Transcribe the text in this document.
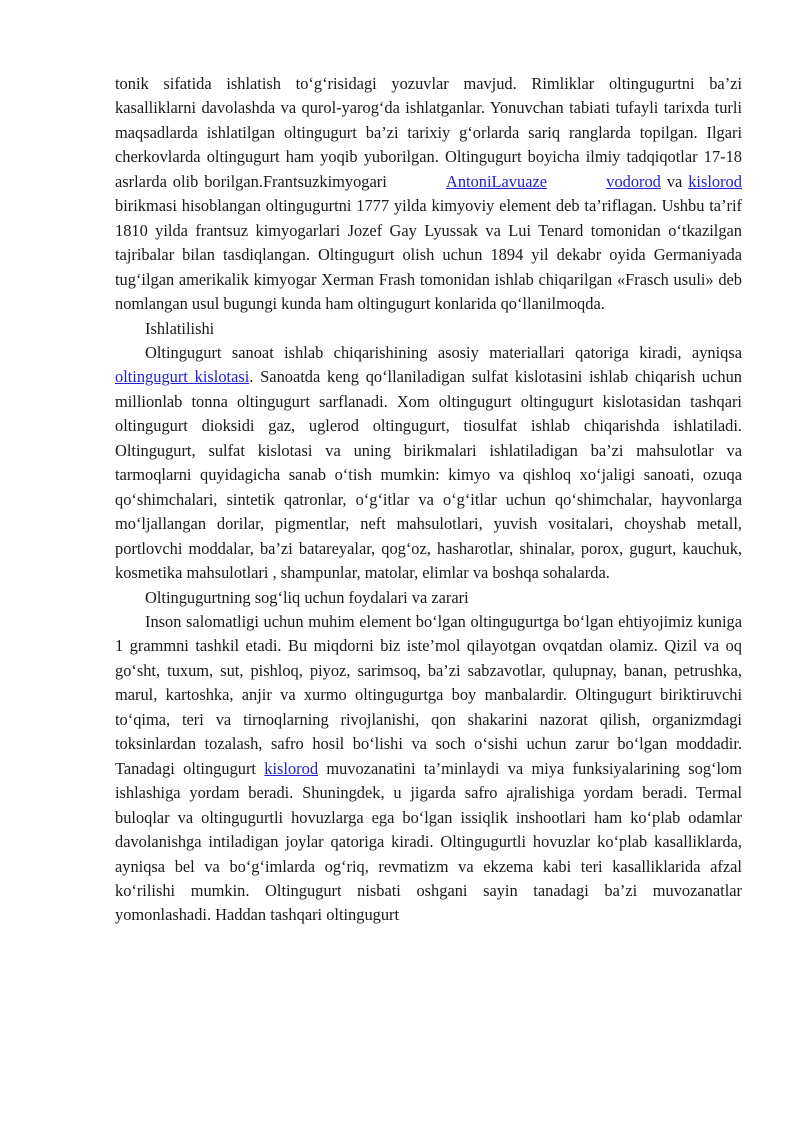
tonik sifatida ishlatish to‘g‘risidagi yozuvlar mavjud. Rimliklar oltingugurtni ba’zi kasalliklarni davolashda va qurol-yarog‘da ishlatganlar. Yonuvchan tabiati tufayli tarixda turli maqsadlarda ishlatilgan oltingugurt ba’zi tarixiy g‘orlarda sariq ranglarda topilgan. Ilgari cherkovlarda oltingugurt ham yoqib yuborilgan. Oltingugurt boyicha ilmiy tadqiqotlar 17-18 asrlarda olib borilgan.Frantsuzkimyogari	AntoniLavuaze	vodorod va kislorod birikmasi hisoblangan oltingugurtni 1777 yilda kimyoviy element deb ta’riflagan. Ushbu ta’rif 1810 yilda frantsuz kimyogarlari Jozef Gay Lyussak va Lui Tenard tomonidan o‘tkazilgan tajribalar bilan tasdiqlangan. Oltingugurt olish uchun 1894 yil dekabr oyida Germaniyada tug‘ilgan amerikalik kimyogar Xerman Frash tomonidan ishlab chiqarilgan «Frasch usuli» deb nomlangan usul bugungi kunda ham oltingugurt konlarida qo‘llanilmoqda.

Ishlatilishi

Oltingugurt sanoat ishlab chiqarishining asosiy materiallari qatoriga kiradi, ayniqsa oltingugurt kislotasi. Sanoatda keng qo‘llaniladigan sulfat kislotasini ishlab chiqarish uchun millionlab tonna oltingugurt sarflanadi. Xom oltingugurt oltingugurt kislotasidan tashqari oltingugurt dioksidi gaz, uglerod oltingugurt, tiosulfat ishlab chiqarishda ishlatiladi. Oltingugurt, sulfat kislotasi va uning birikmalari ishlatiladigan ba’zi mahsulotlar va tarmoqlarni quyidagicha sanab o‘tish mumkin: kimyo va qishloq xo‘jaligi sanoati, ozuqa qo‘shimchalari, sintetik qatronlar, o‘g‘itlar va o‘g‘itlar uchun qo‘shimchalar, hayvonlarga mo‘ljallangan dorilar, pigmentlar, neft mahsulotlari, yuvish vositalari, choyshab metall, portlovchi moddalar, ba’zi batareyalar, qog‘oz, hasharotlar, shinalar, porox, gugurt, kauchuk, kosmetika mahsulotlari , shampunlar, matolar, elimlar va boshqa sohalarda.

Oltingugurtning sog‘liq uchun foydalari va zarari

Inson salomatligi uchun muhim element bo‘lgan oltingugurtga bo‘lgan ehtiyojimiz kuniga 1 grammni tashkil etadi. Bu miqdorni biz iste’mol qilayotgan ovqatdan olamiz. Qizil va oq go‘sht, tuxum, sut, pishloq, piyoz, sarimsoq, ba’zi sabzavotlar, qulupnay, banan, petrushka, marul, kartoshka, anjir va xurmo oltingugurtga boy manbalardir. Oltingugurt biriktiruvchi to‘qima, teri va tirnoqlarning rivojlanishi, qon shakarini nazorat qilish, organizmdagi toksinlardan tozalash, safro hosil bo‘lishi va soch o‘sishi uchun zarur bo‘lgan moddadir. Tanadagi oltingugurt kislorod muvozanatini ta’minlaydi va miya funksiyalarining sog‘lom ishlashiga yordam beradi. Shuningdek, u jigarda safro ajralishiga yordam beradi. Termal buloqlar va oltingugurtli hovuzlarga ega bo‘lgan issiqlik inshootlari ham ko‘plab odamlar davolanishga intiladigan joylar qatoriga kiradi. Oltingugurtli hovuzlar ko‘plab kasalliklarda, ayniqsa bel va bo‘g‘imlarda og‘riq, revmatizm va ekzema kabi teri kasalliklarida afzal ko‘rilishi mumkin. Oltingugurt nisbati oshgani sayin tanadagi ba’zi muvozanatlar yomonlashadi. Haddan tashqari oltingugurt
